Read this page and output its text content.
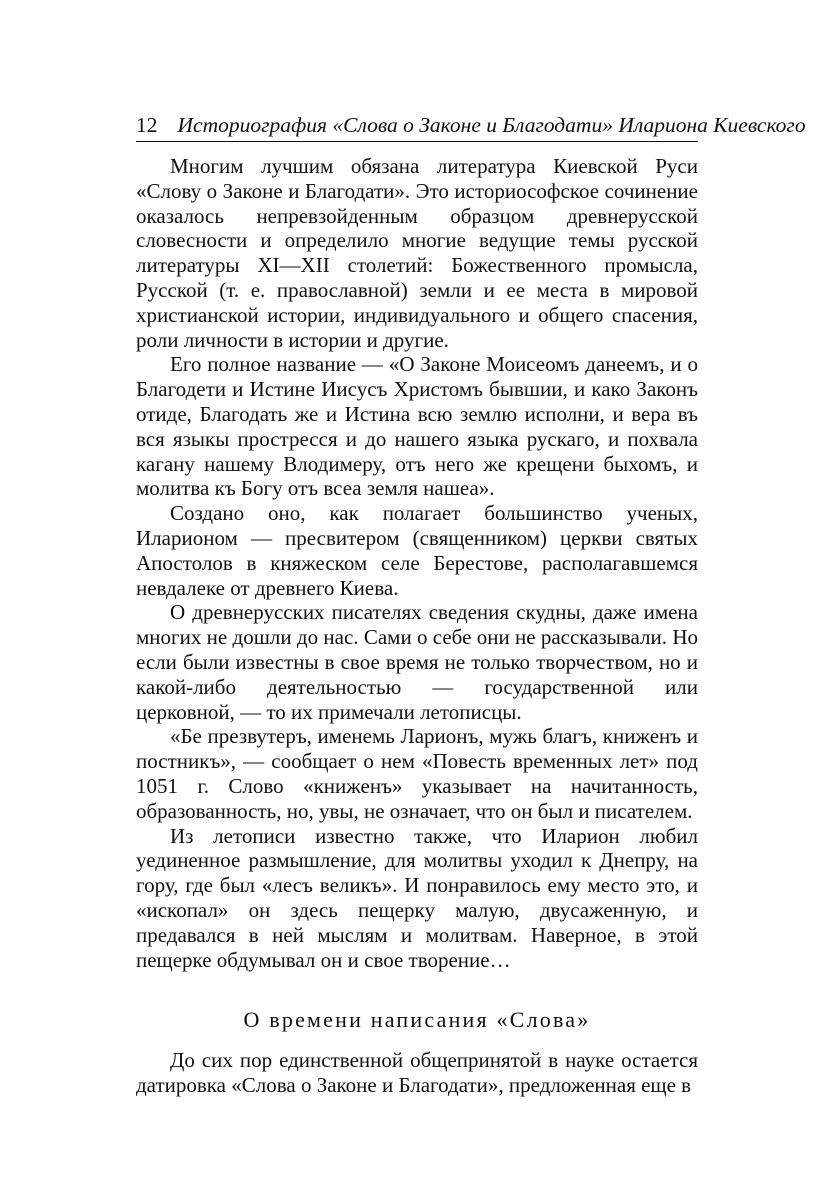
12 Историография «Слова о Законе и Благодати» Илариона Киевского

Многим лучшим обязана литература Киевской Руси «Слову о Законе и Благодати». Это историософское сочинение оказалось непревзойденным образцом древнерусской словесности и определило многие ведущие темы русской литературы XI—XII столетий: Божественного промысла, Русской (т. е. православной) земли и ее места в мировой христианской истории, индивидуального и общего спасения, роли личности в истории и другие.

Его полное название — «О Законе Моисеомъ данеемъ, и о Благодети и Истине Иисусъ Христомъ бывшии, и како Законъ отиде, Благодать же и Истина всю землю исполни, и вера въ вся языкы простресся и до нашего языка рускаго, и похвала кагану нашему Влодимеру, отъ него же крещени быхомъ, и молитва къ Богу отъ всеа земля нашеа».

Создано оно, как полагает большинство ученых, Иларионом — пресвитером (священником) церкви святых Апостолов в княжеском селе Берестове, располагавшемся невдалеке от древнего Киева.

О древнерусских писателях сведения скудны, даже имена многих не дошли до нас. Сами о себе они не рассказывали. Но если были известны в свое время не только творчеством, но и какой-либо деятельностью — государственной или церковной, — то их примечали летописцы.

«Бе презвутеръ, именемь Ларионъ, мужь благъ, книженъ и постникъ», — сообщает о нем «Повесть временных лет» под 1051 г. Слово «книженъ» указывает на начитанность, образованность, но, увы, не означает, что он был и писателем.

Из летописи известно также, что Иларион любил уединенное размышление, для молитвы уходил к Днепру, на гору, где был «лесъ великъ». И понравилось ему место это, и «ископал» он здесь пещерку малую, двусаженную, и предавался в ней мыслям и молитвам. Наверное, в этой пещерке обдумывал он и свое творение…

О времени написания «Слова»

До сих пор единственной общепринятой в науке остается датировка «Слова о Законе и Благодати», предложенная еще в
